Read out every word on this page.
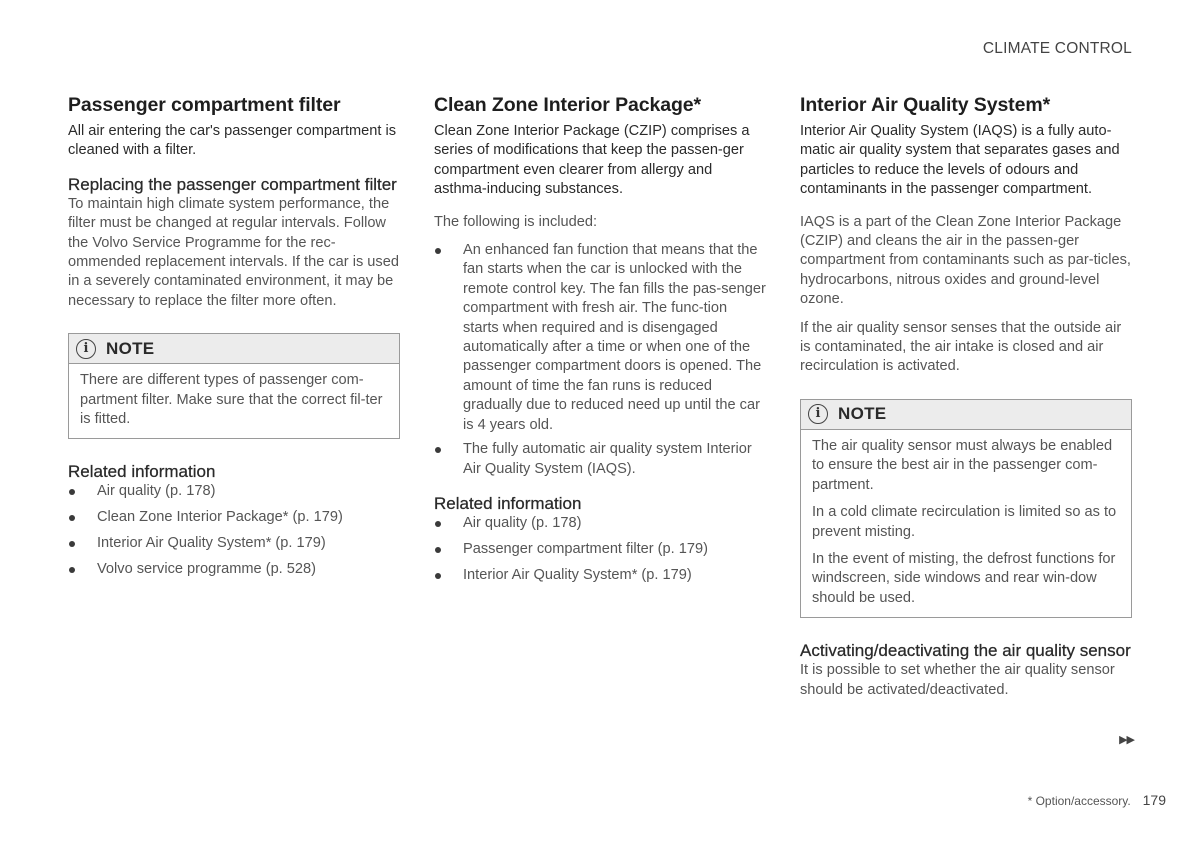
CLIMATE CONTROL
Passenger compartment filter

All air entering the car's passenger compartment is cleaned with a filter.

Replacing the passenger compartment filter

To maintain high climate system performance, the filter must be changed at regular intervals. Follow the Volvo Service Programme for the rec-ommended replacement intervals. If the car is used in a severely contaminated environment, it may be necessary to replace the filter more often.

i	NOTE

There are different types of passenger com-partment filter. Make sure that the correct fil-ter is fitted.

Related information
Air quality (p. 178)
Clean Zone Interior Package* (p. 179)
Interior Air Quality System* (p. 179)
Volvo service programme (p. 528)
Clean Zone Interior Package*

Clean Zone Interior Package (CZIP) comprises a series of modifications that keep the passen-ger compartment even clearer from allergy and asthma-inducing substances.

The following is included:

An enhanced fan function that means that the fan starts when the car is unlocked with the remote control key. The fan fills the pas-senger compartment with fresh air. The func-tion starts when required and is disengaged automatically after a time or when one of the passenger compartment doors is opened. The amount of time the fan runs is reduced gradually due to reduced need up until the car is 4 years old.
The fully automatic air quality system Interior Air Quality System (IAQS).
Related information
Air quality (p. 178)
Passenger compartment filter (p. 179)
Interior Air Quality System* (p. 179)
Interior Air Quality System*

Interior Air Quality System (IAQS) is a fully auto-matic air quality system that separates gases and particles to reduce the levels of odours and contaminants in the passenger compartment.

IAQS is a part of the Clean Zone Interior Package (CZIP) and cleans the air in the passen-ger compartment from contaminants such as par-ticles, hydrocarbons, nitrous oxides and ground-level ozone.

If the air quality sensor senses that the outside air is contaminated, the air intake is closed and air recirculation is activated.

i	NOTE

The air quality sensor must always be enabled to ensure the best air in the passenger com-partment.

In a cold climate recirculation is limited so as to prevent misting.

In the event of misting, the defrost functions for windscreen, side windows and rear win-dow should be used.

Activating/deactivating the air quality sensor

It is possible to set whether the air quality sensor should be activated/deactivated.

▶▶
* Option/accessory. 179
